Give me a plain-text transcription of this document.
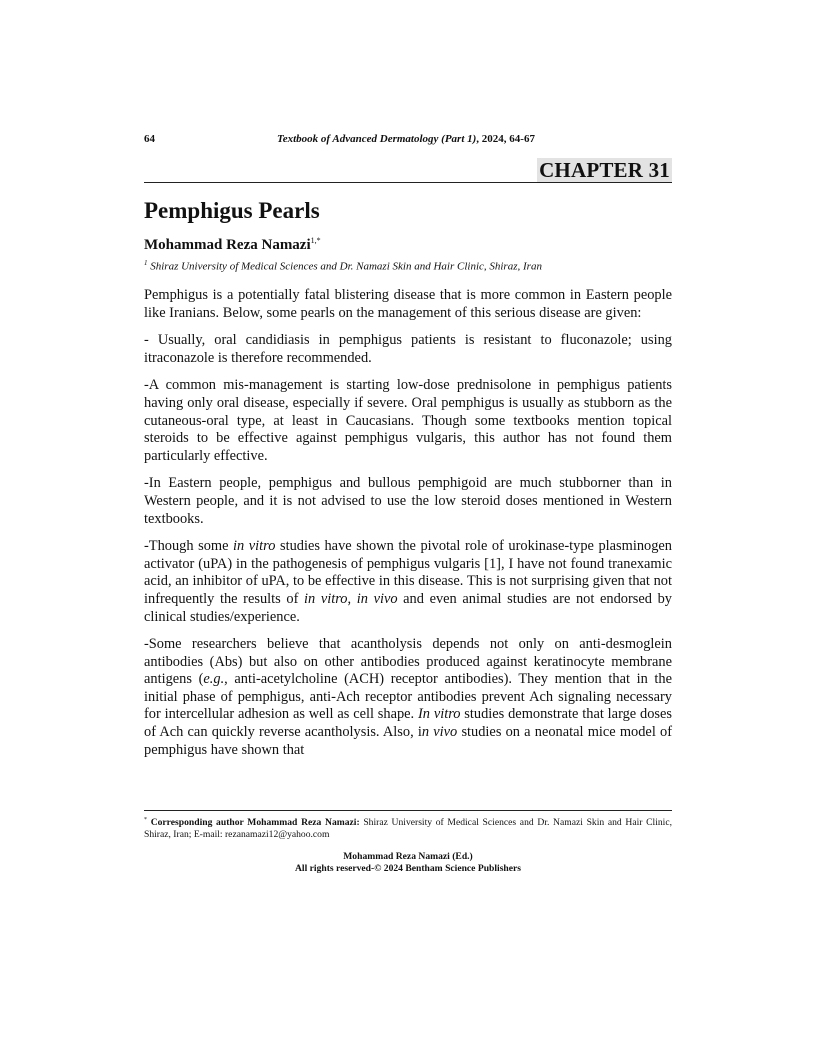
64	Textbook of Advanced Dermatology (Part 1), 2024, 64-67
CHAPTER 31
Pemphigus Pearls
Mohammad Reza Namazi$^{1,*}$
$^1$ Shiraz University of Medical Sciences and Dr. Namazi Skin and Hair Clinic, Shiraz, Iran

Pemphigus is a potentially fatal blistering disease that is more common in Eastern people like Iranians. Below, some pearls on the management of this serious disease are given:

- Usually, oral candidiasis in pemphigus patients is resistant to fluconazole; using itraconazole is therefore recommended.

-A common mis-management is starting low-dose prednisolone in pemphigus patients having only oral disease, especially if severe. Oral pemphigus is usually as stubborn as the cutaneous-oral type, at least in Caucasians. Though some textbooks mention topical steroids to be effective against pemphigus vulgaris, this author has not found them particularly effective.

-In Eastern people, pemphigus and bullous pemphigoid are much stubborner than in Western people, and it is not advised to use the low steroid doses mentioned in Western textbooks.

-Though some in vitro studies have shown the pivotal role of urokinase-type plasminogen activator (uPA) in the pathogenesis of pemphigus vulgaris [1], I have not found tranexamic acid, an inhibitor of uPA, to be effective in this disease. This is not surprising given that not infrequently the results of in vitro, in vivo and even animal studies are not endorsed by clinical studies/experience.

-Some researchers believe that acantholysis depends not only on anti-desmoglein antibodies (Abs) but also on other antibodies produced against keratinocyte membrane antigens (e.g., anti-acetylcholine (ACH) receptor antibodies). They mention that in the initial phase of pemphigus, anti-Ach receptor antibodies prevent Ach signaling necessary for intercellular adhesion as well as cell shape. In vitro studies demonstrate that large doses of Ach can quickly reverse acantholysis. Also, in vivo studies on a neonatal mice model of pemphigus have shown that

* Corresponding author Mohammad Reza Namazi: Shiraz University of Medical Sciences and Dr. Namazi Skin and Hair Clinic, Shiraz, Iran; E-mail: rezanamazi12@yahoo.com
Mohammad Reza Namazi (Ed.)
All rights reserved-© 2024 Bentham Science Publishers
